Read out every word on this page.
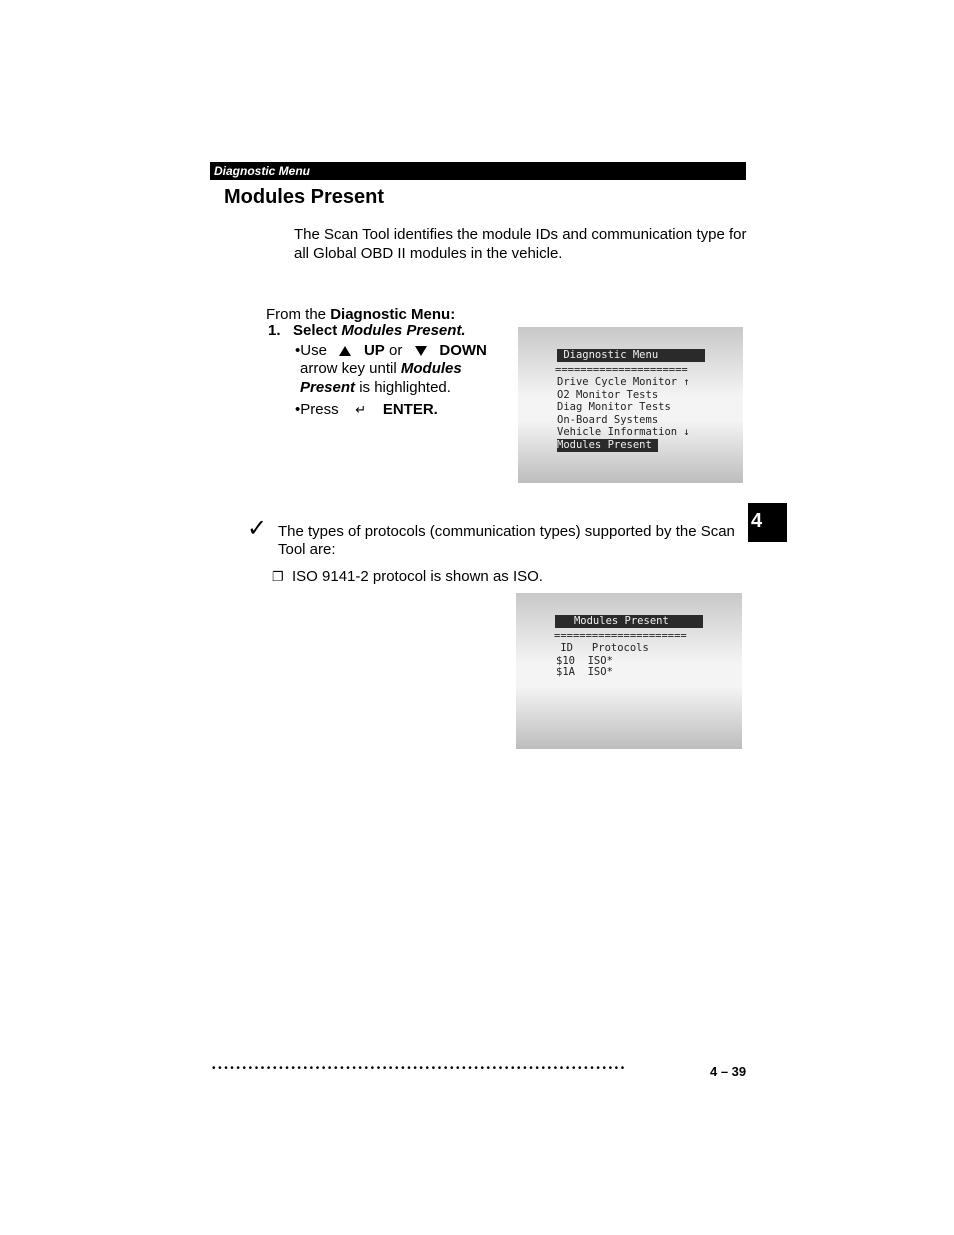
Diagnostic Menu
Modules Present
The Scan Tool identifies the module IDs and communication type for all Global OBD II modules in the vehicle.
From the Diagnostic Menu:
1. Select Modules Present.
•Use UP or DOWN
arrow key until Modules
Present is highlighted.
•Press ↵ ENTER.
Diagnostic Menu
=====================
Drive Cycle Monitor ↑
O2 Monitor Tests
Diag Monitor Tests
On-Board Systems
Vehicle Information ↓
Modules Present
✓ The types of protocols (communication types) supported by the Scan Tool are:
❐ ISO 9141-2 protocol is shown as ISO.
Modules Present
=====================
ID   Protocols
$10  ISO*
$1A  ISO*
4
••••••••••••••••••••••••••••••••••••••••••••••••••••••••••••••••••••	4 – 39
